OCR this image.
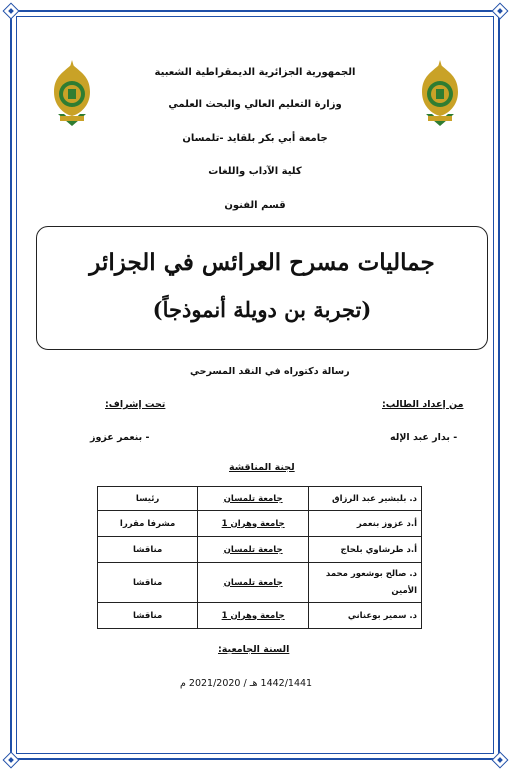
الجمهورية الجزائرية الديمقراطية الشعبية
وزارة التعليم العالي والبحث العلمي
جامعة أبي بكر بلقايد -تلمسان
كلية الآداب واللغات
قسم الفنون
جماليات مسرح العرائس في الجزائر
(تجربة بن دويلة أنموذجاً)
رسالة دكتوراه في النقد المسرحي
من إعداد الطالب:
- بدار عبد الإله
تحت إشراف:
- بنعمر عزوز
لجنة المناقشة
د. بلبشير عبد الرزاق	جامعة تلمسان	رئيسا
أ.د عزوز بنعمر	جامعة وهران 1	مشرفا مقررا
أ.د طرشاوي بلحاج	جامعة تلمسان	مناقشا
د. صالح بوشعور محمد الأمين	جامعة تلمسان	مناقشا
د. سمير بوعناني	جامعة وهران 1	مناقشا
السنة الجامعية:
1442/1441 هـ / 2021/2020 م
